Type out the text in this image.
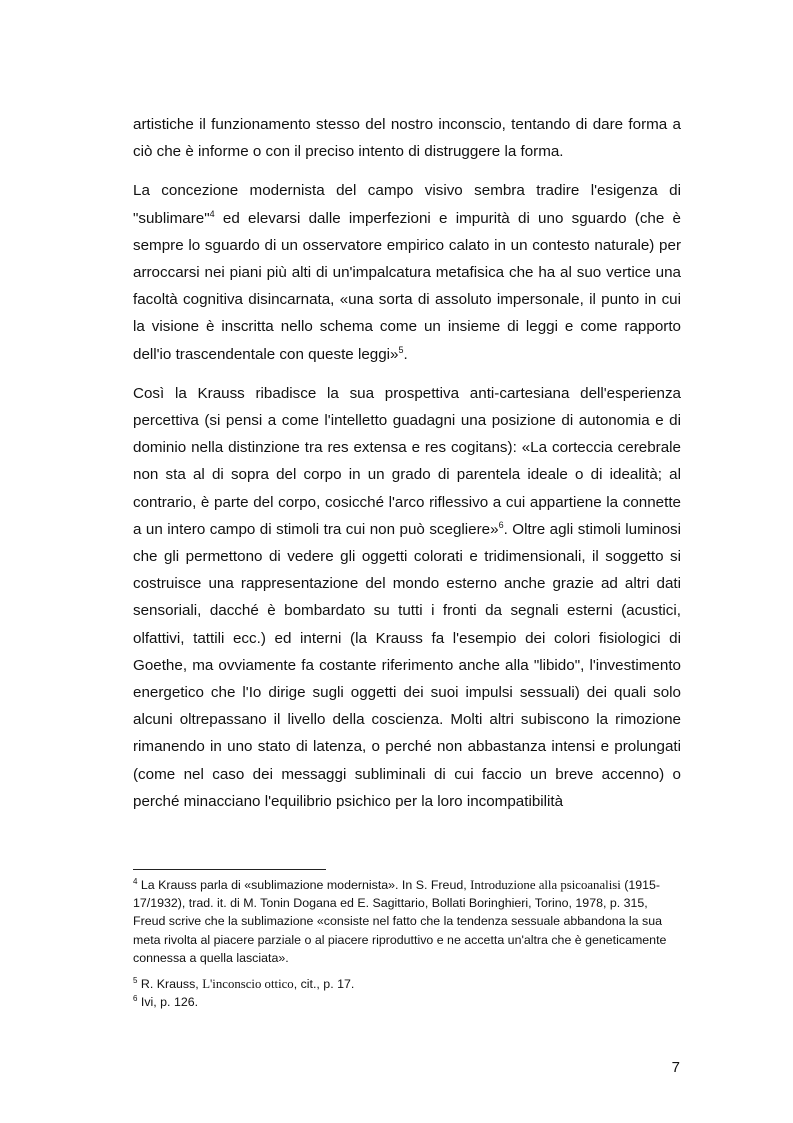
artistiche il funzionamento stesso del nostro inconscio, tentando di dare forma a ciò che è informe o con il preciso intento di distruggere la forma.

La concezione modernista del campo visivo sembra tradire l'esigenza di "sublimare"$^4$ ed elevarsi dalle imperfezioni e impurità di uno sguardo (che è sempre lo sguardo di un osservatore empirico calato in un contesto naturale) per arroccarsi nei piani più alti di un'impalcatura metafisica che ha al suo vertice una facoltà cognitiva disincarnata, «una sorta di assoluto impersonale, il punto in cui la visione è inscritta nello schema come un insieme di leggi e come rapporto dell'io trascendentale con queste leggi»$^5$.

Così la Krauss ribadisce la sua prospettiva anti-cartesiana dell'esperienza percettiva (si pensi a come l'intelletto guadagni una posizione di autonomia e di dominio nella distinzione tra res extensa e res cogitans): «La corteccia cerebrale non sta al di sopra del corpo in un grado di parentela ideale o di idealità; al contrario, è parte del corpo, cosicché l'arco riflessivo a cui appartiene la connette a un intero campo di stimoli tra cui non può scegliere»$^6$. Oltre agli stimoli luminosi che gli permettono di vedere gli oggetti colorati e tridimensionali, il soggetto si costruisce una rappresentazione del mondo esterno anche grazie ad altri dati sensoriali, dacché è bombardato su tutti i fronti da segnali esterni (acustici, olfattivi, tattili ecc.) ed interni (la Krauss fa l'esempio dei colori fisiologici di Goethe, ma ovviamente fa costante riferimento anche alla "libido", l'investimento energetico che l'Io dirige sugli oggetti dei suoi impulsi sessuali) dei quali solo alcuni oltrepassano il livello della coscienza. Molti altri subiscono la rimozione rimanendo in uno stato di latenza, o perché non abbastanza intensi e prolungati (come nel caso dei messaggi subliminali di cui faccio un breve accenno) o perché minacciano l'equilibrio psichico per la loro incompatibilità

$^4$ La Krauss parla di «sublimazione modernista». In S. Freud, Introduzione alla psicoanalisi (1915-17/1932), trad. it. di M. Tonin Dogana ed E. Sagittario, Bollati Boringhieri, Torino, 1978, p. 315, Freud scrive che la sublimazione «consiste nel fatto che la tendenza sessuale abbandona la sua meta rivolta al piacere parziale o al piacere riproduttivo e ne accetta un'altra che è geneticamente connessa a quella lasciata».

$^5$ R. Krauss, L'inconscio ottico, cit., p. 17.

$^6$ Ivi, p. 126.

7
